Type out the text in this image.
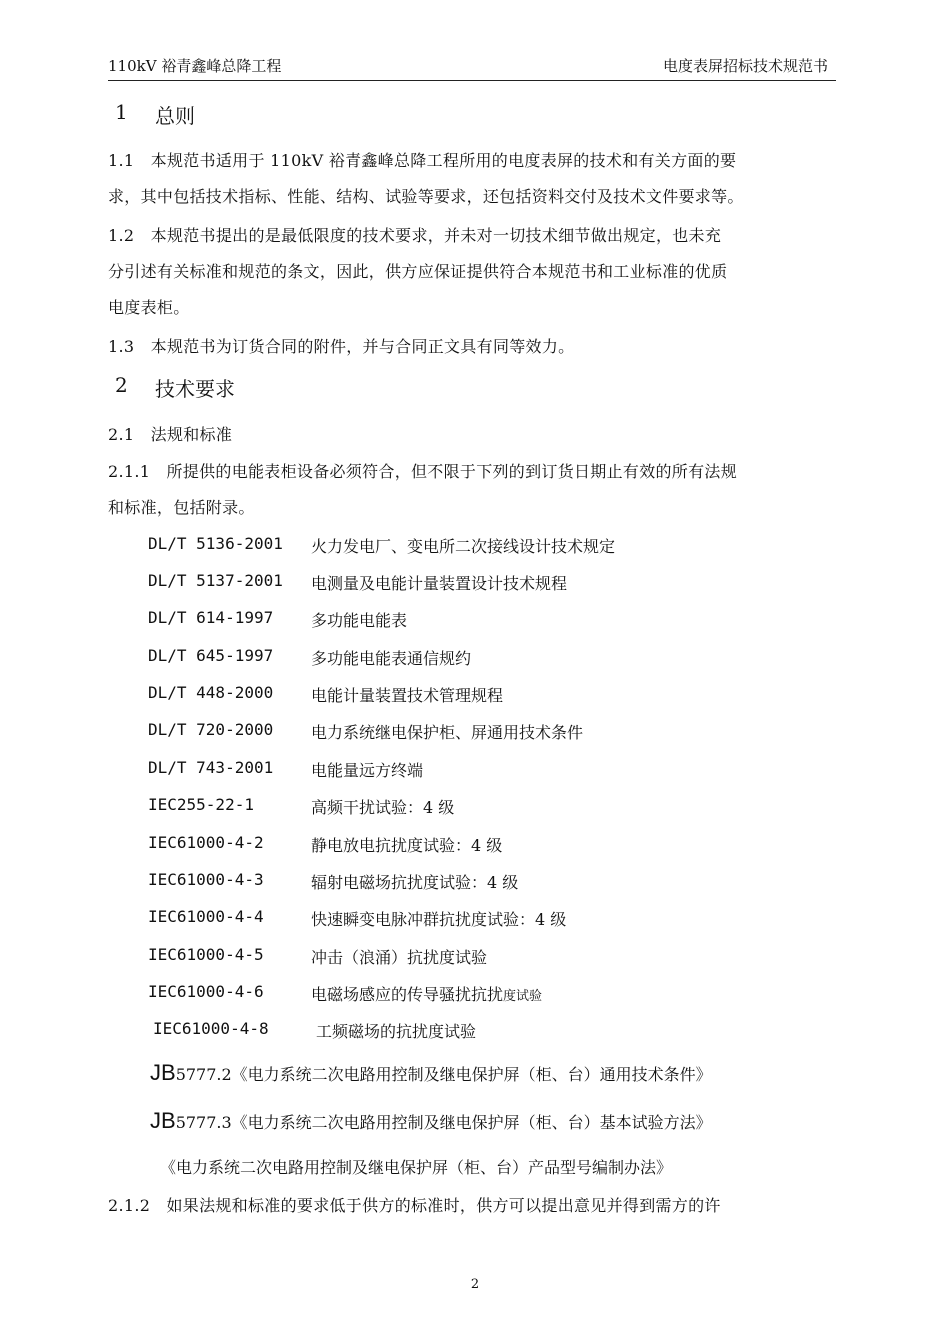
110kV 裕青鑫峰总降工程	电度表屏招标技术规范书
1 总则
1.1　本规范书适用于 110kV 裕青鑫峰总降工程所用的电度表屏的技术和有关方面的要
求，其中包括技术指标、性能、结构、试验等要求，还包括资料交付及技术文件要求等。
1.2　本规范书提出的是最低限度的技术要求，并未对一切技术细节做出规定，也未充
分引述有关标准和规范的条文，因此，供方应保证提供符合本规范书和工业标准的优质
电度表柜。
1.3　本规范书为订货合同的附件，并与合同正文具有同等效力。
2 技术要求
2.1　法规和标准
2.1.1　所提供的电能表柜设备必须符合，但不限于下列的到订货日期止有效的所有法规
和标准，包括附录。
DL/T 5136-2001 火力发电厂、变电所二次接线设计技术规定
DL/T 5137-2001 电测量及电能计量装置设计技术规程
DL/T 614-1997 多功能电能表
DL/T 645-1997 多功能电能表通信规约
DL/T 448-2000 电能计量装置技术管理规程
DL/T 720-2000 电力系统继电保护柜、屏通用技术条件
DL/T 743-2001 电能量远方终端
IEC255-22-1	高频干扰试验：4 级
IEC61000-4-2	静电放电抗扰度试验：4 级
IEC61000-4-3	辐射电磁场抗扰度试验：4 级
IEC61000-4-4	快速瞬变电脉冲群抗扰度试验：4 级
IEC61000-4-5	冲击（浪涌）抗扰度试验
IEC61000-4-6	电磁场感应的传导骚扰抗扰度试验
IEC61000-4-8	工频磁场的抗扰度试验
JB5777.2《电力系统二次电路用控制及继电保护屏（柜、台）通用技术条件》
JB5777.3《电力系统二次电路用控制及继电保护屏（柜、台）基本试验方法》
《电力系统二次电路用控制及继电保护屏（柜、台）产品型号编制办法》
2.1.2　如果法规和标准的要求低于供方的标准时，供方可以提出意见并得到需方的许
2
